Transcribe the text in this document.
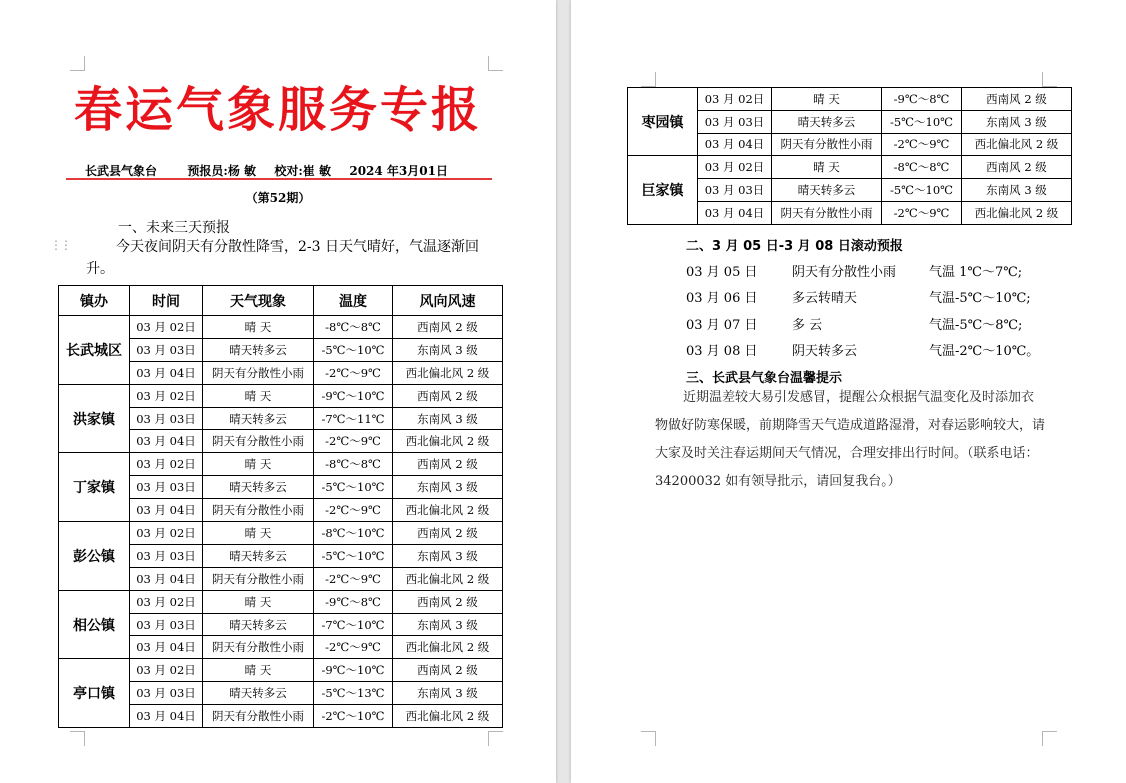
春运气象服务专报
长武县气象台	预报员:杨 敏 校对:崔 敏 2024 年3月01日
（第52期）
一、未来三天预报
⋮⋮	今天夜间阴天有分散性降雪，2-3 日天气晴好，气温逐渐回升。
镇办	时间	天气现象	温度	风向风速
长武城区	03 月 02日	晴 天	-8℃～8℃	西南风 2 级
	03 月 03日	晴天转多云	-5℃～10℃	东南风 3 级
	03 月 04日	阴天有分散性小雨	-2℃～9℃	西北偏北风 2 级
洪家镇	03 月 02日	晴 天	-9℃～10℃	西南风 2 级
	03 月 03日	晴天转多云	-7℃～11℃	东南风 3 级
	03 月 04日	阴天有分散性小雨	-2℃～9℃	西北偏北风 2 级
丁家镇	03 月 02日	晴 天	-8℃～8℃	西南风 2 级
	03 月 03日	晴天转多云	-5℃～10℃	东南风 3 级
	03 月 04日	阴天有分散性小雨	-2℃～9℃	西北偏北风 2 级
彭公镇	03 月 02日	晴 天	-8℃～10℃	西南风 2 级
	03 月 03日	晴天转多云	-5℃～10℃	东南风 3 级
	03 月 04日	阴天有分散性小雨	-2℃～9℃	西北偏北风 2 级
相公镇	03 月 02日	晴 天	-9℃～8℃	西南风 2 级
	03 月 03日	晴天转多云	-7℃～10℃	东南风 3 级
	03 月 04日	阴天有分散性小雨	-2℃～9℃	西北偏北风 2 级
亭口镇	03 月 02日	晴 天	-9℃～10℃	西南风 2 级
	03 月 03日	晴天转多云	-5℃～13℃	东南风 3 级
	03 月 04日	阴天有分散性小雨	-2℃～10℃	西北偏北风 2 级
枣园镇	03 月 02日	晴 天	-9℃～8℃	西南风 2 级
	03 月 03日	晴天转多云	-5℃～10℃	东南风 3 级
	03 月 04日	阴天有分散性小雨	-2℃～9℃	西北偏北风 2 级
巨家镇	03 月 02日	晴 天	-8℃～8℃	西南风 2 级
	03 月 03日	晴天转多云	-5℃～10℃	东南风 3 级
	03 月 04日	阴天有分散性小雨	-2℃～9℃	西北偏北风 2 级
二、3 月 05 日-3 月 08 日滚动预报
03 月 05 日	阴天有分散性小雨	气温 1℃～7℃;
03 月 06 日	多云转晴天	气温-5℃～10℃;
03 月 07 日	多 云	气温-5℃～8℃;
03 月 08 日	阴天转多云	气温-2℃～10℃。
三、长武县气象台温馨提示
近期温差较大易引发感冒，提醒公众根据气温变化及时添加衣物做好防寒保暖，前期降雪天气造成道路湿滑，对春运影响较大，请大家及时关注春运期间天气情况，合理安排出行时间。（联系电话：34200032 如有领导批示，请回复我台。）
